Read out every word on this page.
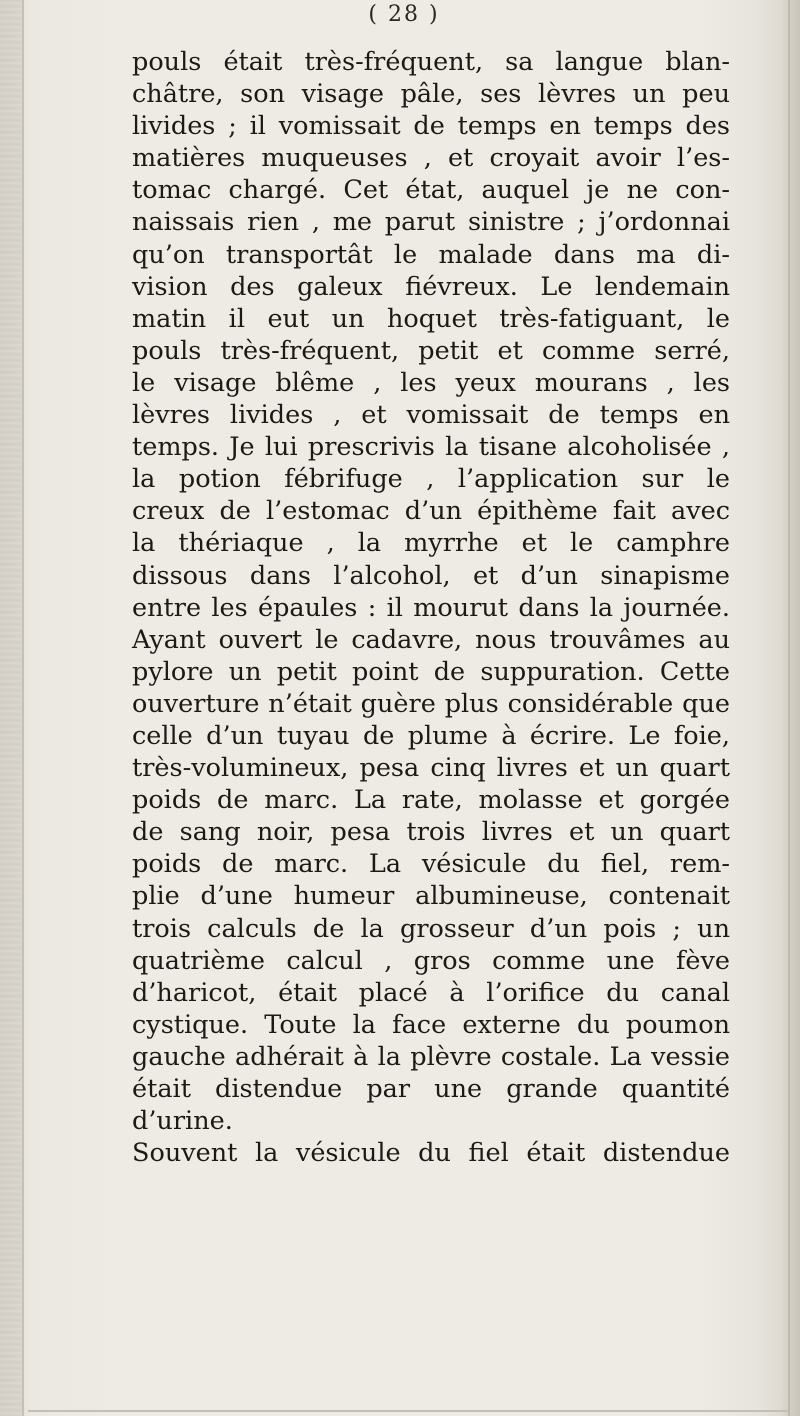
( 28 )
pouls était très-fréquent, sa langue blan-
châtre, son visage pâle, ses lèvres un peu
livides ; il vomissait de temps en temps des
matières muqueuses , et croyait avoir l’es-
tomac chargé. Cet état, auquel je ne con-
naissais rien , me parut sinistre ; j’ordonnai
qu’on transportât le malade dans ma di-
vision des galeux fiévreux. Le lendemain
matin il eut un hoquet très-fatiguant, le
pouls très-fréquent, petit et comme serré,
le visage blême , les yeux mourans , les
lèvres livides , et vomissait de temps en
temps. Je lui prescrivis la tisane alcoholisée ,
la potion fébrifuge , l’application sur le
creux de l’estomac d’un épithème fait avec
la thériaque , la myrrhe et le camphre
dissous dans l’alcohol, et d’un sinapisme
entre les épaules : il mourut dans la journée.
Ayant ouvert le cadavre, nous trouvâmes au
pylore un petit point de suppuration. Cette
ouverture n’était guère plus considérable que
celle d’un tuyau de plume à écrire. Le foie,
très-volumineux, pesa cinq livres et un quart
poids de marc. La rate, molasse et gorgée
de sang noir, pesa trois livres et un quart
poids de marc. La vésicule du fiel, rem-
plie d’une humeur albumineuse, contenait
trois calculs de la grosseur d’un pois ; un
quatrième calcul , gros comme une fève
d’haricot, était placé à l’orifice du canal
cystique. Toute la face externe du poumon
gauche adhérait à la plèvre costale. La vessie
était distendue par une grande quantité
d’urine.
Souvent la vésicule du fiel était distendue
